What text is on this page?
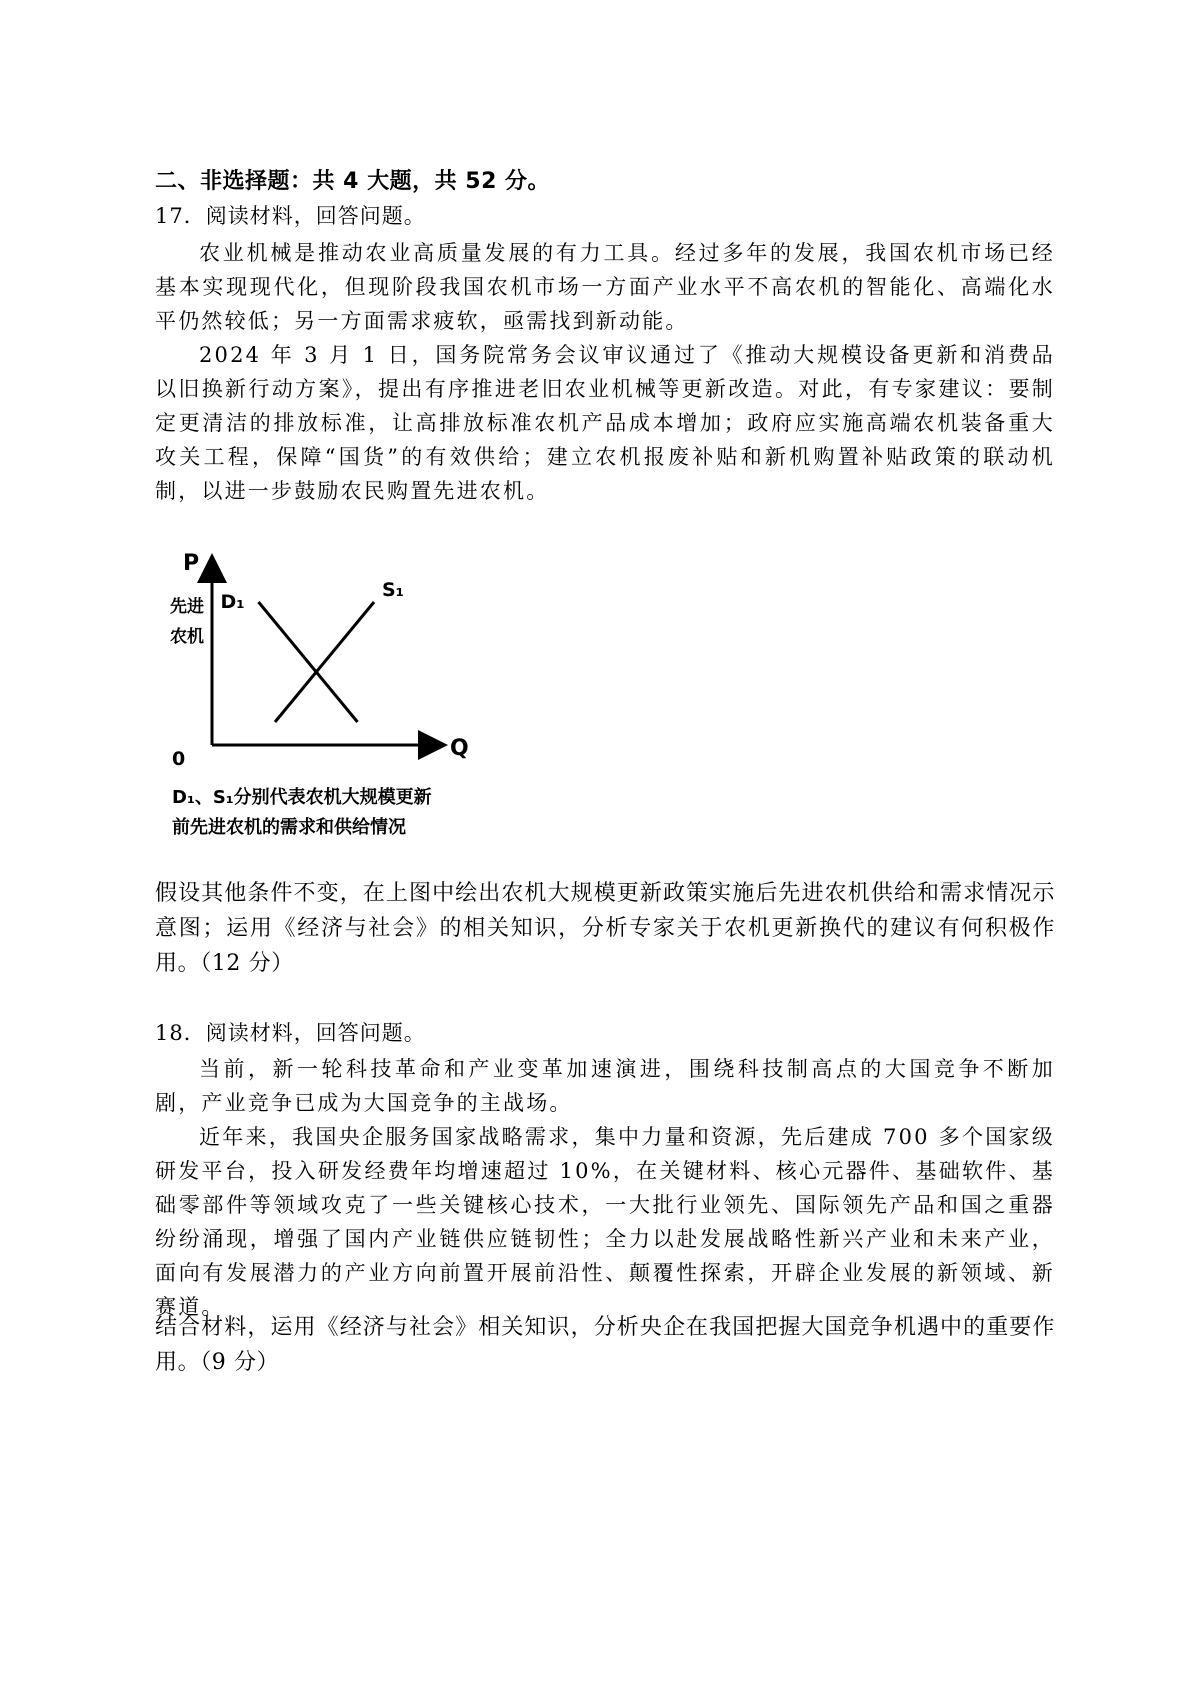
二、非选择题：共 4 大题，共 52 分。
17．阅读材料，回答问题。

农业机械是推动农业高质量发展的有力工具。经过多年的发展，我国农机市场已经基本实现现代化，但现阶段我国农机市场一方面产业水平不高农机的智能化、高端化水平仍然较低；另一方面需求疲软，亟需找到新动能。

2024 年 3 月 1 日，国务院常务会议审议通过了《推动大规模设备更新和消费品以旧换新行动方案》，提出有序推进老旧农业机械等更新改造。对此，有专家建议：要制定更清洁的排放标准，让高排放标准农机产品成本增加；政府应实施高端农机装备重大攻关工程，保障“国货”的有效供给；建立农机报废补贴和新机购置补贴政策的联动机制，以进一步鼓励农民购置先进农机。

P
先进
农机
0	Q
D₁
S₁
D₁、S₁分别代表农机大规模更新
前先进农机的需求和供给情况

假设其他条件不变，在上图中绘出农机大规模更新政策实施后先进农机供给和需求情况示意图；运用《经济与社会》的相关知识，分析专家关于农机更新换代的建议有何积极作用。（12 分）

18．阅读材料，回答问题。

当前，新一轮科技革命和产业变革加速演进，围绕科技制高点的大国竞争不断加剧，产业竞争已成为大国竞争的主战场。

近年来，我国央企服务国家战略需求，集中力量和资源，先后建成 700 多个国家级研发平台，投入研发经费年均增速超过 10%，在关键材料、核心元器件、基础软件、基础零部件等领域攻克了一些关键核心技术，一大批行业领先、国际领先产品和国之重器纷纷涌现，增强了国内产业链供应链韧性；全力以赴发展战略性新兴产业和未来产业，面向有发展潜力的产业方向前置开展前沿性、颠覆性探索，开辟企业发展的新领域、新赛道。

结合材料，运用《经济与社会》相关知识，分析央企在我国把握大国竞争机遇中的重要作用。（9 分）
